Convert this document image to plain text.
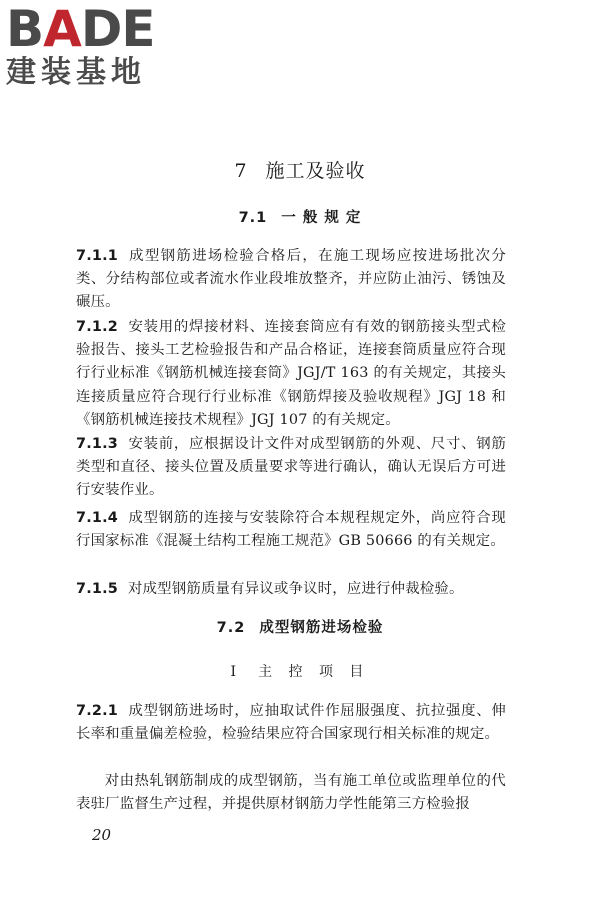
BADE
建装基地
7 施工及验收
7.1 一 般 规 定

7.1.1 成型钢筋进场检验合格后，在施工现场应按进场批次分类、分结构部位或者流水作业段堆放整齐，并应防止油污、锈蚀及碾压。

7.1.2 安装用的焊接材料、连接套筒应有有效的钢筋接头型式检验报告、接头工艺检验报告和产品合格证，连接套筒质量应符合现行行业标准《钢筋机械连接套筒》JGJ/T 163 的有关规定，其接头连接质量应符合现行行业标准《钢筋焊接及验收规程》JGJ 18 和《钢筋机械连接技术规程》JGJ 107 的有关规定。

7.1.3 安装前，应根据设计文件对成型钢筋的外观、尺寸、钢筋类型和直径、接头位置及质量要求等进行确认，确认无误后方可进行安装作业。

7.1.4 成型钢筋的连接与安装除符合本规程规定外，尚应符合现行国家标准《混凝土结构工程施工规范》GB 50666 的有关规定。

7.1.5 对成型钢筋质量有异议或争议时，应进行仲裁检验。

7.2 成型钢筋进场检验
Ⅰ 主 控 项 目

7.2.1 成型钢筋进场时，应抽取试件作屈服强度、抗拉强度、伸长率和重量偏差检验，检验结果应符合国家现行相关标准的规定。

对由热轧钢筋制成的成型钢筋，当有施工单位或监理单位的代表驻厂监督生产过程，并提供原材钢筋力学性能第三方检验报

20
